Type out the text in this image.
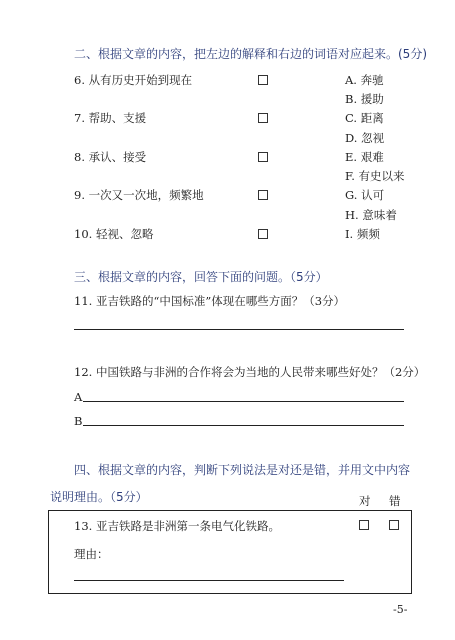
二、根据文章的内容，把左边的解释和右边的词语对应起来。(5分)
6. 从有历史开始到现在
7. 帮助、支援
8. 承认、接受
9. 一次又一次地，频繁地
10. 轻视、忽略
A. 奔驰
B. 援助
C. 距离
D. 忽视
E. 艰难
F. 有史以来
G. 认可
H. 意味着
I. 频频
三、根据文章的内容，回答下面的问题。（5分）
11. 亚吉铁路的“中国标准”体现在哪些方面？（3分）
12. 中国铁路与非洲的合作将会为当地的人民带来哪些好处？（2分）
A
B
四、根据文章的内容，判断下列说法是对还是错，并用文中内容
说明理由。（5分）	对 错
13. 亚吉铁路是非洲第一条电气化铁路。
理由：
-5-
